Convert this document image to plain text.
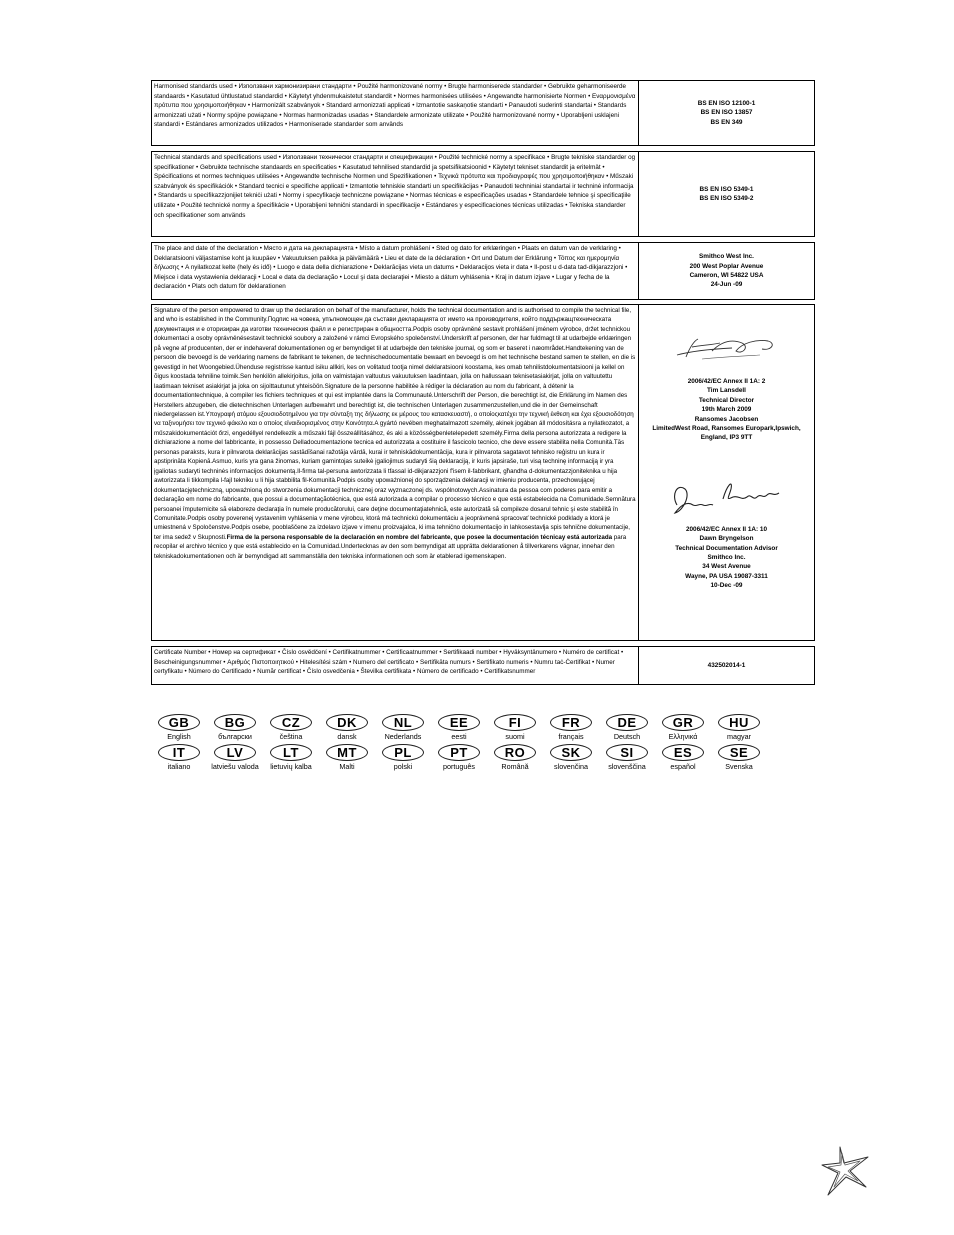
Harmonised standards used • Използвани хармонизирани стандарти • Použité harmonizované normy • Brugte harmoniserede standarder • Gebruikte geharmoniseerde standaards • Kasutatud ühtlustatud standardid • Käytetyt yhdenmukaistetut standardit • Normes harmonisées utilisées • Angewandte harmonisierte Normen • Εναρμονισμένα πρότυπα που χρησιμοποιήθηκαν • Harmonizált szabványok • Standard armonizzati applicati • Izmantotie saskaņotie standarti • Panaudoti suderinti standartai • Standards armonizzati użati • Normy spójne powiązane • Normas harmonizadas usadas • Standardele armonizate utilizate • Použité harmonizované normy • Uporabljeni usklajeni standardi • Estándares armonizados utilizados • Harmoniserade standarder som används
BS EN ISO 12100-1
BS EN ISO 13857
BS EN 349
Technical standards and specifications used • Използвани технически стандарти и спецификации • Použité technické normy a specifikace • Brugte tekniske standarder og specifikationer • Gebruikte technische standaards en specificaties • Kasutatud tehnilised standardid ja spetsifikatsioonid • Käytetyt tekniset standardit ja eritelmät • Spécifications et normes techniques utilisées • Angewandte technische Normen und Spezifikationen • Τεχνικά πρότυπα και προδιαγραφές που χρησιμοποιήθηκαν • Műszaki szabványok és specifikációk • Standard tecnici e specifiche applicati • Izmantotie tehniskie standarti un specifikācijas • Panaudoti techniniai standartai ir techninė informacija • Standards u specifikazzjonijiet tekniċi użati • Normy i specyfikacje techniczne powiązane • Normas técnicas e especificações usadas • Standardele tehnice şi specificaţiile utilizate • Použité technické normy a špecifikácie • Uporabljeni tehnični standardi in specifikacije • Estándares y especificaciones técnicas utilizadas • Tekniska standarder och specifikationer som används
BS EN ISO 5349-1
BS EN ISO 5349-2
The place and date of the declaration • Място и дата на декларацията • Místo a datum prohlášení • Sted og dato for erklæringen • Plaats en datum van de verklaring • Deklaratsiooni väljastamise koht ja kuupäev • Vakuutuksen paikka ja päivämäärä • Lieu et date de la déclaration • Ort und Datum der Erklärung • Τόπος και ημερομηνία δήλωσης • A nyilatkozat kelte (hely és idő) • Luogo e data della dichiarazione • Deklarācijas vieta un datums • Deklaracijos vieta ir data • Il-post u d-data tad-dikjarazzjoni • Miejsce i data wystawienia deklaracji • Local e data da declaração • Locul şi data declaraţiei • Miesto a dátum vyhlásenia • Kraj in datum izjave • Lugar y fecha de la declaración • Plats och datum för deklarationen
Smithco West Inc.
200 West Poplar Avenue
Cameron, WI 54822 USA
24-Jun -09
Signature of the person empowered to draw up the declaration on behalf of the manufacturer, holds the technical documentation and is authorised to compile the technical file, and who is established in the Community.Подпис на човека, упълномощен да състави декларацията от името на производителя, който поддържащтехническата документация и е оторизиран да изготви техническия файл и е регистриран в общността.Podpis osoby oprávněné sestavit prohlášení jménem výrobce, držet technickou dokumentaci a osoby oprávněnésestavit technické soubory a založené v rámci Evropského společenství.Underskrift af personen, der har fuldmagt til at udarbejde erklæringen på vegne af producenten, der er indehaveraf dokumentationen og er bemyndiget til at udarbejde den tekniske journal, og som er baseret i næområdet.Handtekening van de persoon die bevoegd is de verklaring namens de fabrikant te tekenen, de technischedocumentatie bewaart en bevoegd is om het technische bestand samen te stellen, en die is gevestigd in het Woongebied.Ühenduse registrisse kantud isiku allkiri, kes on volitatud tootja nimel deklaratsiooni koostama, kes omab tehnilistdokumentatsiooni ja kellel on õigus koostada tehniline toimik.Sen henkilön allekirjoitus, jolla on valmistajan valtuutus vakuutuksen laadintaan, jolla on hallussaan teknisetasiakirjat, jolla on valtuutettu laatimaan tekniset asiakirjat ja joka on sijoittautunut yhteisöön.Signature de la personne habilitée à rédiger la déclaration au nom du fabricant, à détenir la documentationtechnique, à compiler les fichiers techniques et qui est implantée dans la Communauté.Unterschrift der Person, die berechtigt ist, die Erklärung im Namen des Herstellers abzugeben, die dietechnischen Unterlagen aufbewahrt und berechtigt ist, die technischen Unterlagen zusammenzustellen,und die in der Gemeinschaft niedergelassen ist.Υπογραφή ατόμου εξουσιοδοτημένου για την σύνταξη της δήλωσης εκ μέρους του κατασκευαστή, ο οποίοςκατέχει την τεχνική έκθεση και έχει εξουσιοδότηση να ταξινομήσει τον τεχνικό φάκελο και ο οποίος είναιδιορισμένος στην Κοινότητα.A gyártó nevében meghatalmazott személy, akinek jogában áll módosításra a nyilatkozatot, a műszakidokumentációt őrzi, engedéllyel rendelkezik a műszaki fájl összeállításához, és aki a közösségbenletelepedett személy.Firma della persona autorizzata a redigere la dichiarazione a nome del fabbricante, in possesso Delladocumentazione tecnica ed autorizzata a costituire il fascicolo tecnico, che deve essere stabilita nella Comunità.Tās personas paraksts, kura ir pilnvarota deklarācijas sastādīšanai ražotāja vārdā, kurai ir tehniskādokumentācija, kura ir pilnvarota sagatavot tehnisko reģistru un kura ir apstiprināta Kopienā.Asmuo, kuris yra gana žinomas, kuriam gamintojas suteikė įgaliojimus sudaryti šią deklaraciją, ir kuris įapsiraše, turi visą techninę informaciją ir yra įgaliotas sudaryti techninės informacijos dokumentą.Il-firma tal-persuna awtorizzata li tfassal id-dikjarazzjoni f'isem il-fabbrikant, għandha d-dokumentazzjoniteknika u hija awtorizzata li tikkompila l-fajl tekniku u li hija stabbilita fil-Komunità.Podpis osoby upoważnionej do sporządzenia deklaracji w imieniu producenta, przechowującej dokumentacjętechniczną, upoważnioną do stworzenia dokumentacji technicznej oraz wyznaczonej ds. wspólnotowych.Assinatura da pessoa com poderes para emitir a declaração em nome do fabricante, que possui a documentaçãotécnica, que está autorizada a compilar o processo técnico e que está estabelecida na Comunidade.Semnătura persoanei împuternicite să elaboreze declaraţia în numele producătorului, care deţine documentaţiatehnică, este autorizată să compileze dosarul tehnic şi este stabilită în Comunitate.Podpis osoby poverenej vystavením vyhlásenia v mene výrobcu, ktorá má technickú dokumentáciu a jeoprávnená spracovať technické podklady a ktorá je umiestnená v Spoločenstve.Podpis osebe, pooblaščene za izdelavo izjave v imenu proizvajalca, ki ima tehnično dokumentacijo in lahkosestavlja spis tehnične dokumentacije, ter ima sedež v Skupnosti.Firma de la persona responsable de la declaración en nombre del fabricante, que posee la documentación técnicay está autorizada para recopilar el archivo técnico y que está establecido en la Comunidad.Undertecknas av den som bemyndigat att upprätta deklarationen å tillverkarens vägnar, innehar den tekniskadokumentationen och är bemyndigad att sammanställa den tekniska informationen och som är etablerad igemenskapen.
2006/42/EC Annex II 1A: 2
Tim Lansdell
Technical Director
19th March 2009
Ransomes Jacobsen
LimitedWest Road, Ransomes Europark,Ipswich,
England, IP3 9TT
2006/42/EC Annex II 1A: 10
Dawn Bryngelson
Technical Documentation Advisor
Smithco Inc.
34 West Avenue
Wayne, PA USA 19087-3311
10-Dec -09
Certificate Number • Номер на сертификат • Číslo osvědčení • Certifikatnummer • Certificaatnummer • Sertifikaadi number • Hyväksyntänumero • Numéro de certificat • Bescheinigungsnummer • Αριθμός Πιστοποιητικού • Hitelesítési szám • Numero del certificato • Sertifikāta numurs • Sertifikato numeris • Numru taċ-Ċertifikat • Numer certyfikatu • Número do Certificado • Număr certificat • Číslo osvedčenia • Številka certifikata • Número de certificado • Certifikatsnummer
432502014-1
GB
English
BG
български
CZ
čeština
DK
dansk
NL
Nederlands
EE
eesti
FI
suomi
FR
français
DE
Deutsch
GR
Ελληνικά
HU
magyar
IT
italiano
LV
latviešu valoda
LT
lietuvių kalba
MT
Malti
PL
polski
PT
português
RO
Română
SK
slovenčina
SI
slovenščina
ES
español
SE
Svenska
